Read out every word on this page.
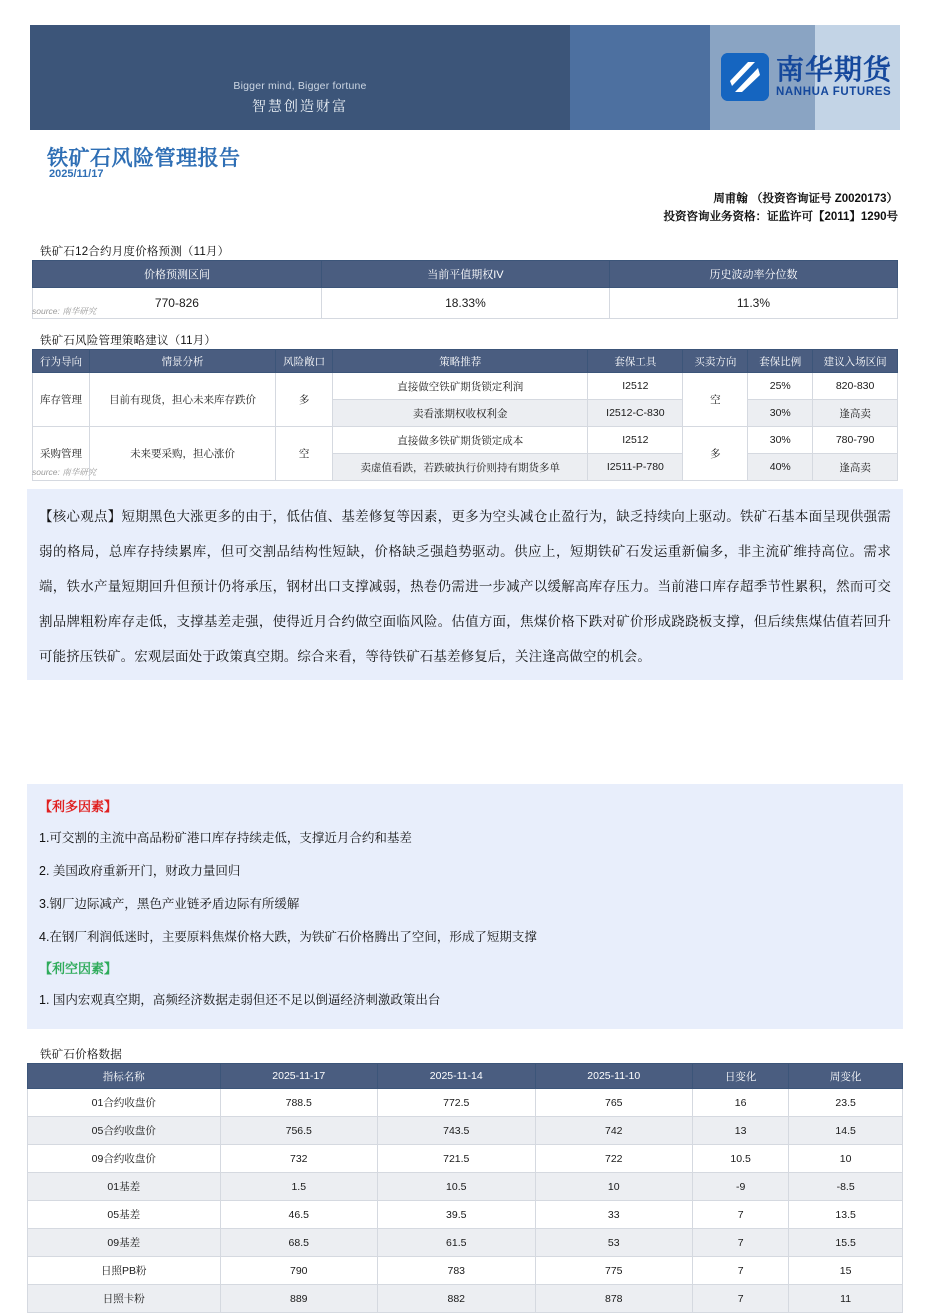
Bigger mind, Bigger fortune
智慧创造财富
南华期货
NANHUA FUTURES
铁矿石风险管理报告
2025/11/17
周甫翰 （投资咨询证号 Z0020173）
投资咨询业务资格：证监许可【2011】1290号
铁矿石12合约月度价格预测（11月）
价格预测区间	当前平值期权IV	历史波动率分位数
770-826	18.33%	11.3%
source: 南华研究
铁矿石风险管理策略建议（11月）
行为导向	情景分析	风险敞口	策略推荐	套保工具	买卖方向	套保比例	建议入场区间
库存管理	目前有现货，担心未来库存跌价	多	直接做空铁矿期货锁定利润	I2512	空	25%	820-830
			卖看涨期权收权利金	I2512-C-830		30%	逢高卖
采购管理	未来要采购，担心涨价	空	直接做多铁矿期货锁定成本	I2512	多	30%	780-790
			卖虚值看跌，若跌破执行价则持有期货多单	I2511-P-780		40%	逢高卖
source: 南华研究

【核心观点】短期黑色大涨更多的由于，低估值、基差修复等因素，更多为空头减仓止盈行为，缺乏持续向上驱动。铁矿石基本面呈现供强需弱的格局，总库存持续累库，但可交割品结构性短缺，价格缺乏强趋势驱动。供应上，短期铁矿石发运重新偏多，非主流矿维持高位。需求端，铁水产量短期回升但预计仍将承压，钢材出口支撑减弱，热卷仍需进一步减产以缓解高库存压力。当前港口库存超季节性累积，然而可交割品牌粗粉库存走低，支撑基差走强，使得近月合约做空面临风险。估值方面，焦煤价格下跌对矿价形成跷跷板支撑，但后续焦煤估值若回升可能挤压铁矿。宏观层面处于政策真空期。综合来看，等待铁矿石基差修复后，关注逢高做空的机会。

【利多因素】

1.可交割的主流中高品粉矿港口库存持续走低，支撑近月合约和基差

2. 美国政府重新开门，财政力量回归

3.钢厂边际减产，黑色产业链矛盾边际有所缓解

4.在钢厂利润低迷时，主要原料焦煤价格大跌，为铁矿石价格腾出了空间，形成了短期支撑

【利空因素】

1. 国内宏观真空期，高频经济数据走弱但还不足以倒逼经济刺激政策出台

铁矿石价格数据
指标名称	2025-11-17	2025-11-14	2025-11-10	日变化	周变化
01合约收盘价	788.5	772.5	765	16	23.5
05合约收盘价	756.5	743.5	742	13	14.5
09合约收盘价	732	721.5	722	10.5	10
01基差	1.5	10.5	10	-9	-8.5
05基差	46.5	39.5	33	7	13.5
09基差	68.5	61.5	53	7	15.5
日照PB粉	790	783	775	7	15
日照卡粉	889	882	878	7	11
